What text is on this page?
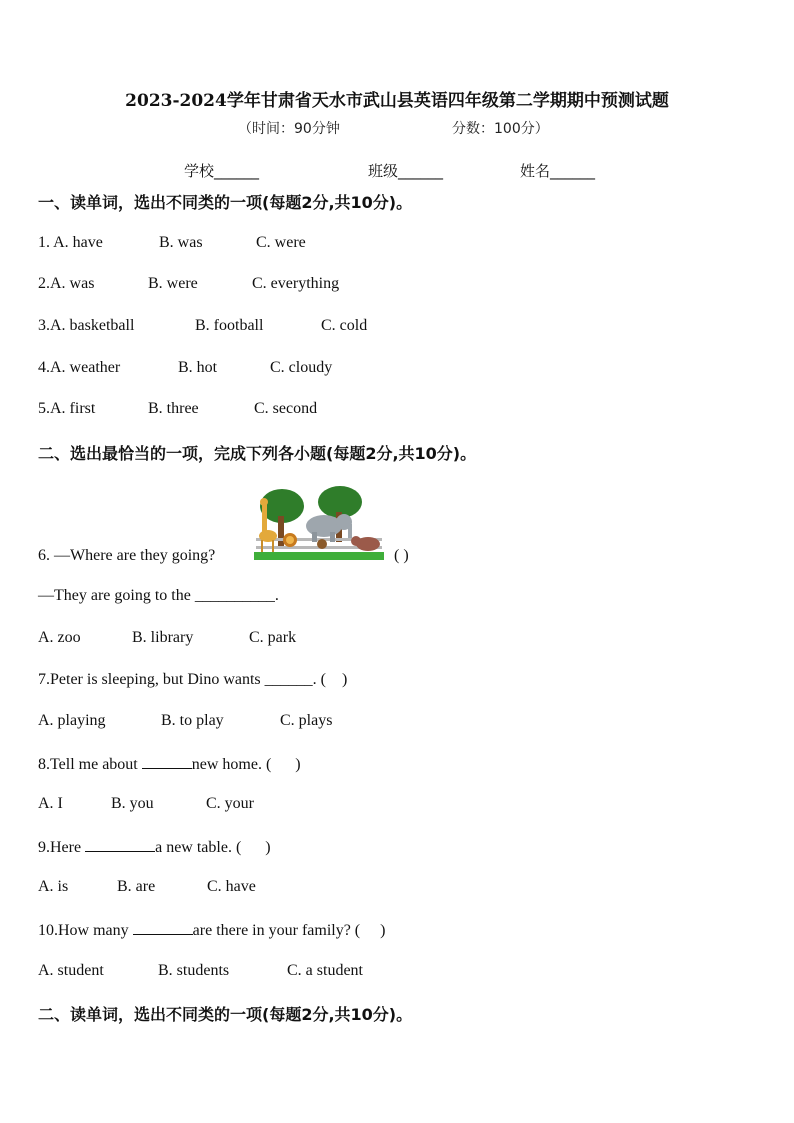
2023-2024学年甘肃省天水市武山县英语四年级第二学期期中预测试题
（时间：90分钟	分数：100分）
学校______	班级______	姓名______
一、读单词，选出不同类的一项(每题2分,共10分)。
1. A. have	B. was	C. were
2.A. was	B. were	C. everything
3.A. basketball	B. football	C. cold
4.A. weather	B. hot	C. cloudy
5.A. first	B. three	C. second
二、选出最恰当的一项，完成下列各小题(每题2分,共10分)。
6. —Where are they going?	( )
—They are going to the __________.
A. zoo	B. library	C. park
7.Peter is sleeping, but Dino wants ______. (    )
A. playing	B. to play	C. plays
8.Tell me about	new home. (      )
A. I	B. you	C. your
9.Here	a new table. (      )
A. is	B. are	C. have
10.How many	are there in your family? (     )
A. student	B. students	C. a student
二、读单词，选出不同类的一项(每题2分,共10分)。
